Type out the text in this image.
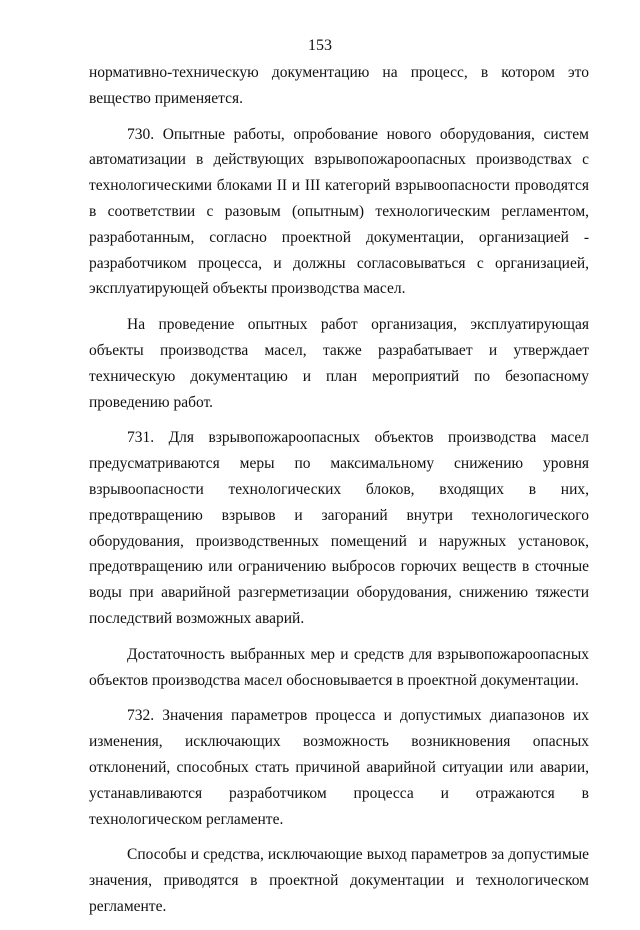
153

нормативно-техническую документацию на процесс, в котором это вещество применяется.

730. Опытные работы, опробование нового оборудования, систем автоматизации в действующих взрывопожароопасных производствах с технологическими блоками II и III категорий взрывоопасности проводятся в соответствии с разовым (опытным) технологическим регламентом, разработанным, согласно проектной документации, организацией - разработчиком процесса, и должны согласовываться с организацией, эксплуатирующей объекты производства масел.

На проведение опытных работ организация, эксплуатирующая объекты производства масел, также разрабатывает и утверждает техническую документацию и план мероприятий по безопасному проведению работ.

731. Для взрывопожароопасных объектов производства масел предусматриваются меры по максимальному снижению уровня взрывоопасности технологических блоков, входящих в них, предотвращению взрывов и загораний внутри технологического оборудования, производственных помещений и наружных установок, предотвращению или ограничению выбросов горючих веществ в сточные воды при аварийной разгерметизации оборудования, снижению тяжести последствий возможных аварий.

Достаточность выбранных мер и средств для взрывопожароопасных объектов производства масел обосновывается в проектной документации.

732. Значения параметров процесса и допустимых диапазонов их изменения, исключающих возможность возникновения опасных отклонений, способных стать причиной аварийной ситуации или аварии, устанавливаются разработчиком процесса и отражаются в технологическом регламенте.

Способы и средства, исключающие выход параметров за допустимые значения, приводятся в проектной документации и технологическом регламенте.
